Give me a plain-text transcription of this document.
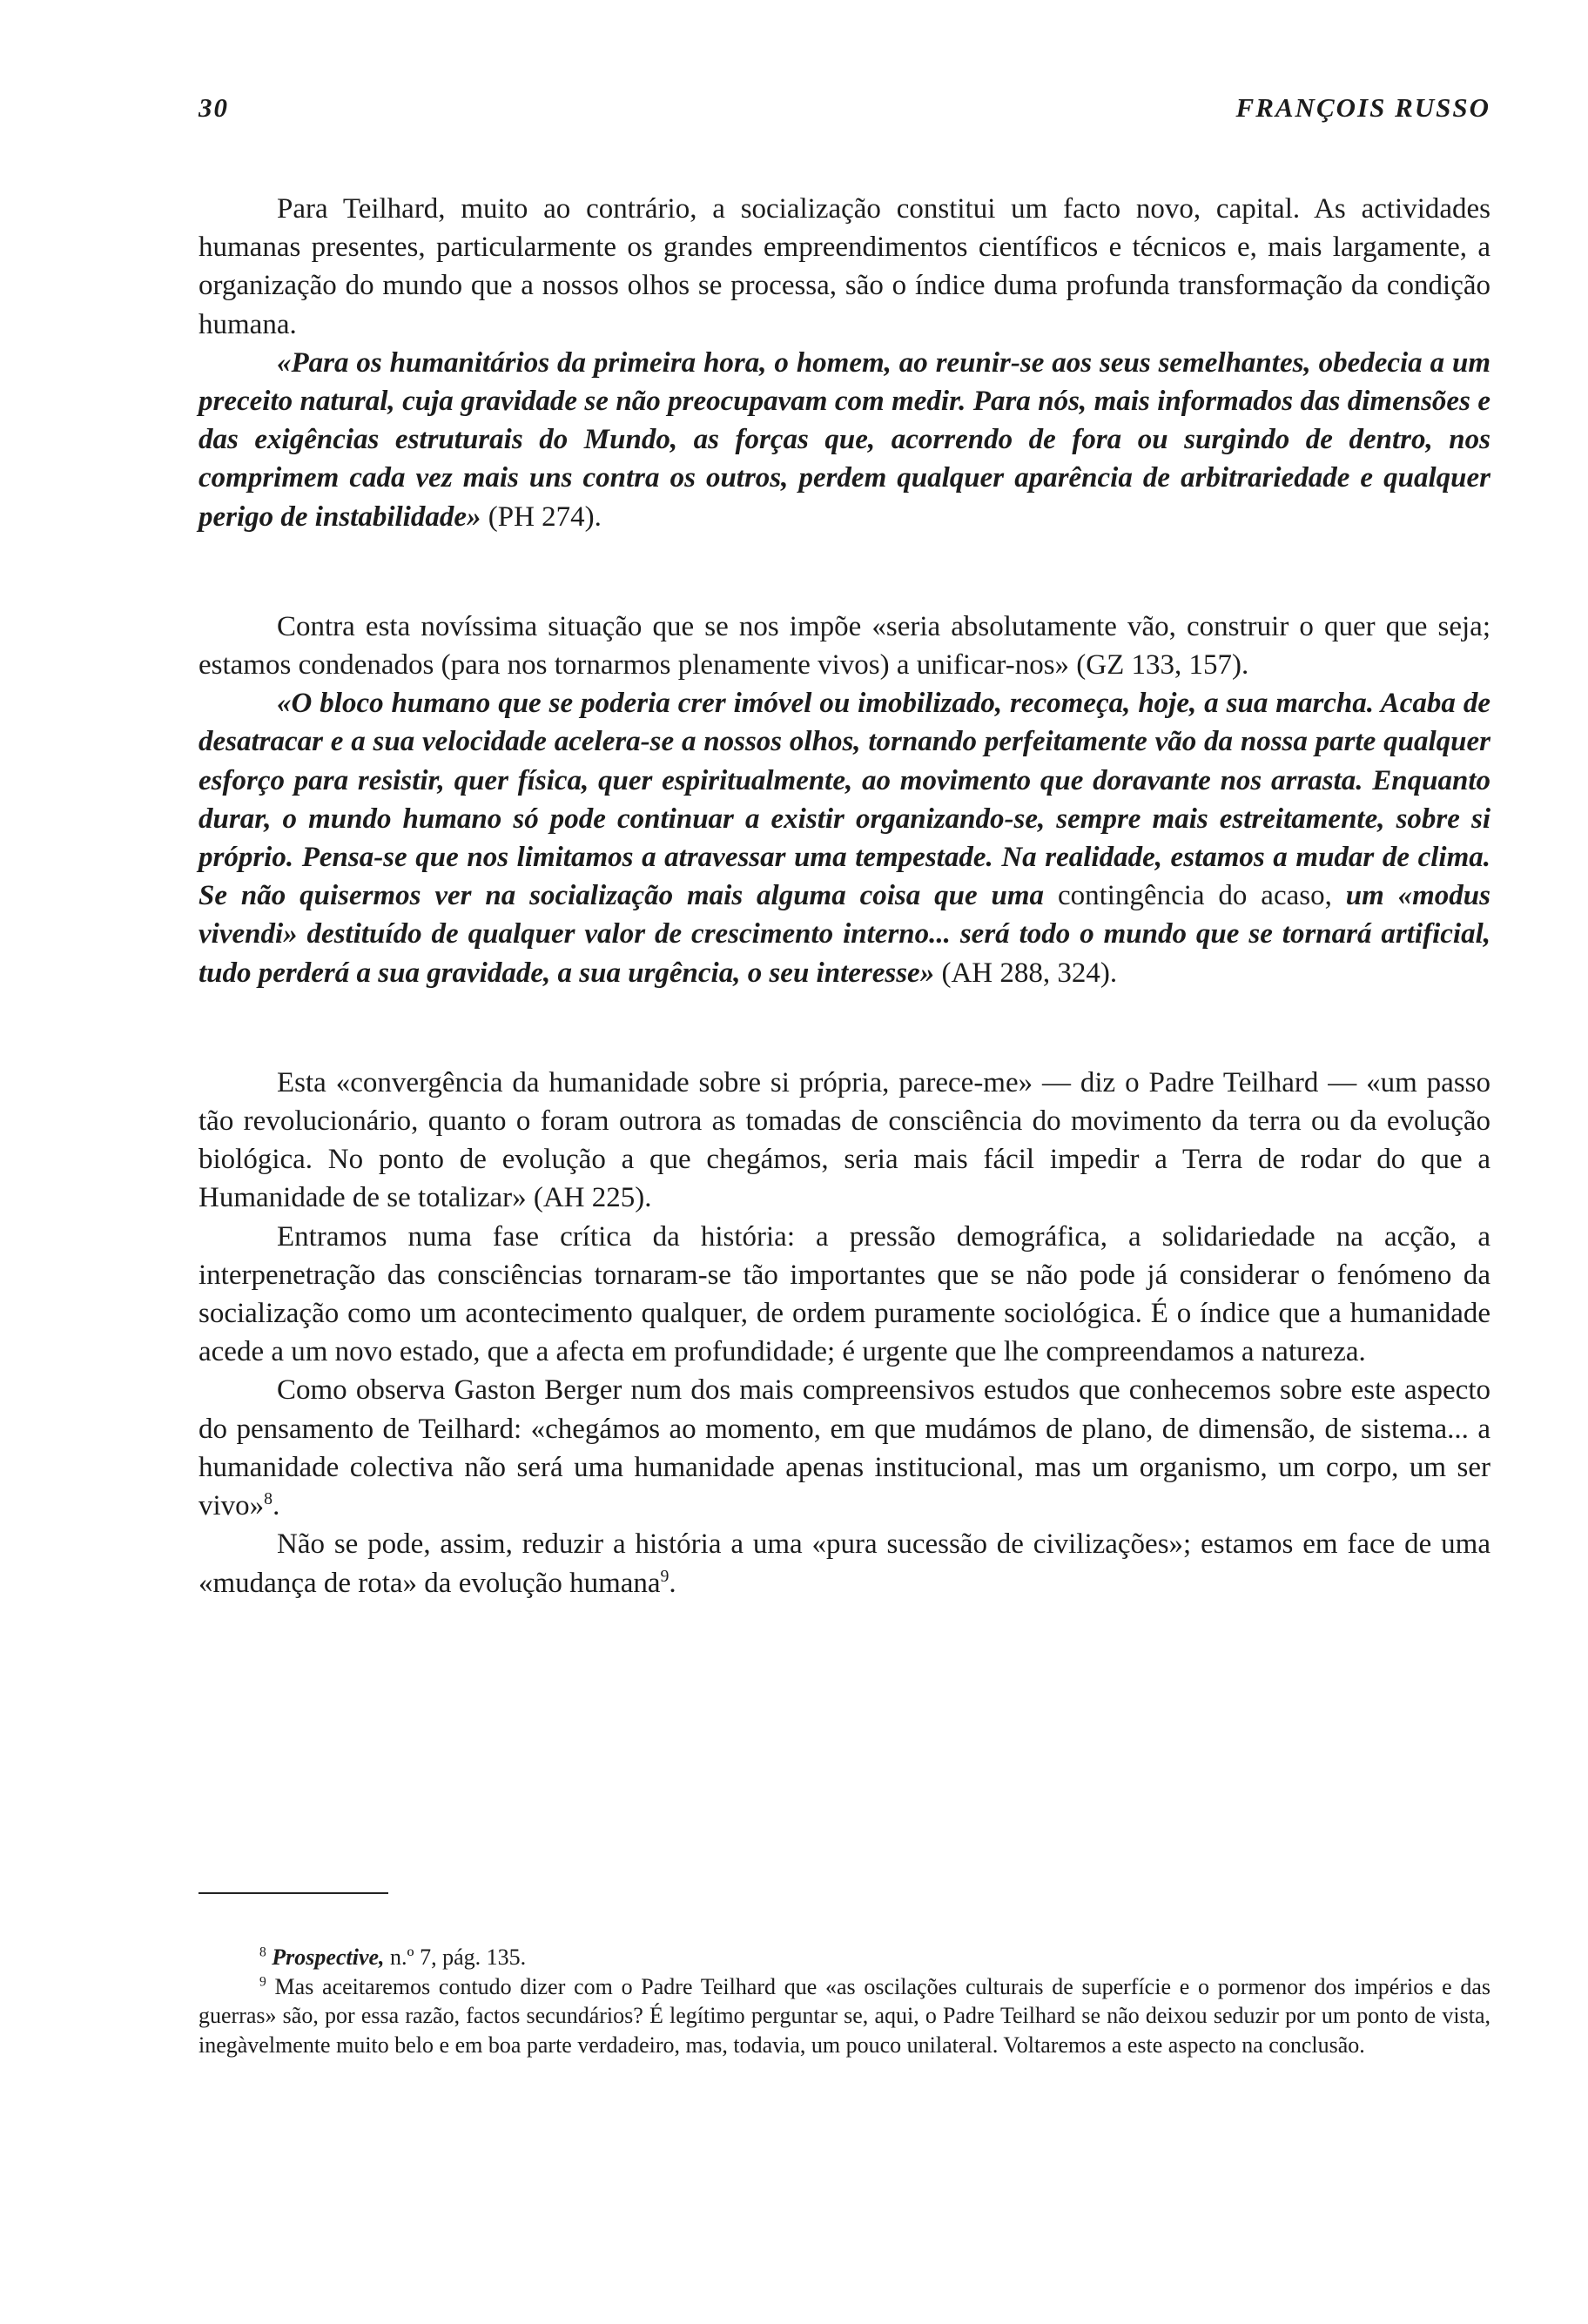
30	FRANÇOIS RUSSO

Para Teilhard, muito ao contrário, a socialização constitui um facto novo, capital. As actividades humanas presentes, particularmente os grandes empreendimentos científicos e técnicos e, mais largamente, a organização do mundo que a nossos olhos se processa, são o índice duma profunda transformação da condição humana.

«Para os humanitários da primeira hora, o homem, ao reunir-se aos seus semelhantes, obedecia a um preceito natural, cuja gravidade se não preocupavam com medir. Para nós, mais informados das dimensões e das exigências estruturais do Mundo, as forças que, acorrendo de fora ou surgindo de dentro, nos comprimem cada vez mais uns contra os outros, perdem qualquer aparência de arbitrariedade e qualquer perigo de instabilidade» (PH 274).

Contra esta novíssima situação que se nos impõe «seria absolutamente vão, construir o quer que seja; estamos condenados (para nos tornarmos plenamente vivos) a unificar-nos» (GZ 133, 157).

«O bloco humano que se poderia crer imóvel ou imobilizado, recomeça, hoje, a sua marcha. Acaba de desatracar e a sua velocidade acelera-se a nossos olhos, tornando perfeitamente vão da nossa parte qualquer esforço para resistir, quer física, quer espiritualmente, ao movimento que doravante nos arrasta. Enquanto durar, o mundo humano só pode continuar a existir organizando-se, sempre mais estreitamente, sobre si próprio. Pensa-se que nos limitamos a atravessar uma tempestade. Na realidade, estamos a mudar de clima. Se não quisermos ver na socialização mais alguma coisa que uma contingência do acaso, um «modus vivendi» destituído de qualquer valor de crescimento interno... será todo o mundo que se tornará artificial, tudo perderá a sua gravidade, a sua urgência, o seu interesse» (AH 288, 324).

Esta «convergência da humanidade sobre si própria, parece-me» — diz o Padre Teilhard — «um passo tão revolucionário, quanto o foram outrora as tomadas de consciência do movimento da terra ou da evolução biológica. No ponto de evolução a que chegámos, seria mais fácil impedir a Terra de rodar do que a Humanidade de se totalizar» (AH 225).

Entramos numa fase crítica da história: a pressão demográfica, a solidariedade na acção, a interpenetração das consciências tornaram-se tão importantes que se não pode já considerar o fenómeno da socialização como um acontecimento qualquer, de ordem puramente sociológica. É o índice que a humanidade acede a um novo estado, que a afecta em profundidade; é urgente que lhe compreendamos a natureza.

Como observa Gaston Berger num dos mais compreensivos estudos que conhecemos sobre este aspecto do pensamento de Teilhard: «chegámos ao momento, em que mudámos de plano, de dimensão, de sistema... a humanidade colectiva não será uma humanidade apenas institucional, mas um organismo, um corpo, um ser vivo»$^8$.

Não se pode, assim, reduzir a história a uma «pura sucessão de civilizações»; estamos em face de uma «mudança de rota» da evolução humana$^9$.

$^8$ Prospective, n.º 7, pág. 135.

$^9$ Mas aceitaremos contudo dizer com o Padre Teilhard que «as oscilações culturais de superfície e o pormenor dos impérios e das guerras» são, por essa razão, factos secundários? É legítimo perguntar se, aqui, o Padre Teilhard se não deixou seduzir por um ponto de vista, inegàvelmente muito belo e em boa parte verdadeiro, mas, todavia, um pouco unilateral. Voltaremos a este aspecto na conclusão.
